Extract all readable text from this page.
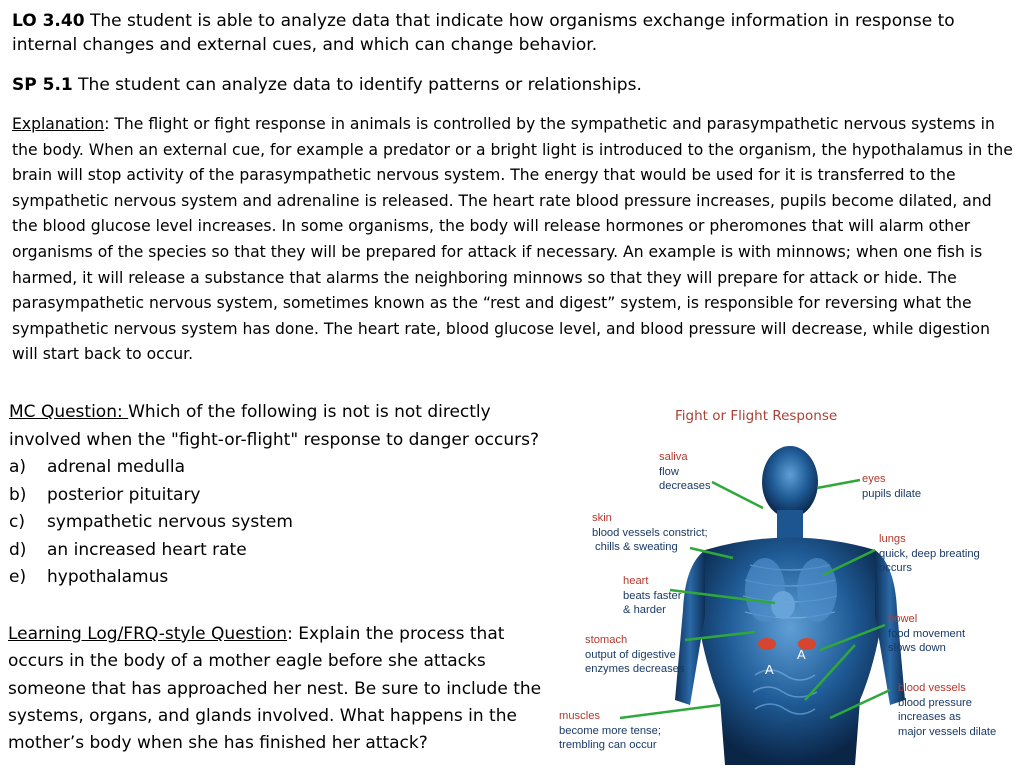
LO 3.40 The student is able to analyze data that indicate how organisms exchange information in response to internal changes and external cues, and which can change behavior.
SP 5.1 The student can analyze data to identify patterns or relationships.
Explanation: The flight or fight response in animals is controlled by the sympathetic and parasympathetic nervous systems in the body. When an external cue, for example a predator or a bright light is introduced to the organism, the hypothalamus in the brain will stop activity of the parasympathetic nervous system. The energy that would be used for it is transferred to the sympathetic nervous system and adrenaline is released. The heart rate blood pressure increases, pupils become dilated, and the blood glucose level increases. In some organisms, the body will release hormones or pheromones that will alarm other organisms of the species so that they will be prepared for attack if necessary. An example is with minnows; when one fish is harmed, it will release a substance that alarms the neighboring minnows so that they will prepare for attack or hide. The parasympathetic nervous system, sometimes known as the “rest and digest” system, is responsible for reversing what the sympathetic nervous system has done. The heart rate, blood glucose level, and blood pressure will decrease, while digestion will start back to occur.
MC Question: Which of the following is not is not directly involved when the "fight-or-flight" response to danger occurs?
a) adrenal medulla
b) posterior pituitary
c) sympathetic nervous system
d) an increased heart rate
e) hypothalamus
Learning Log/FRQ-style Question: Explain the process that occurs in the body of a mother eagle before she attacks someone that has approached her nest. Be sure to include the systems, organs, and glands involved. What happens in the mother’s body when she has finished her attack?
Fight or Flight Response
A
A
saliva
flow
decreases
skin
blood vessels constrict;
chills & sweating
heart
beats faster
& harder
stomach
output of digestive
enzymes decreases
muscles
become more tense;
trembling can occur
eyes
pupils dilate
lungs
quick, deep breating
occurs
bowel
food movement
slows down
blood vessels
blood pressure
increases as
major vessels dilate
